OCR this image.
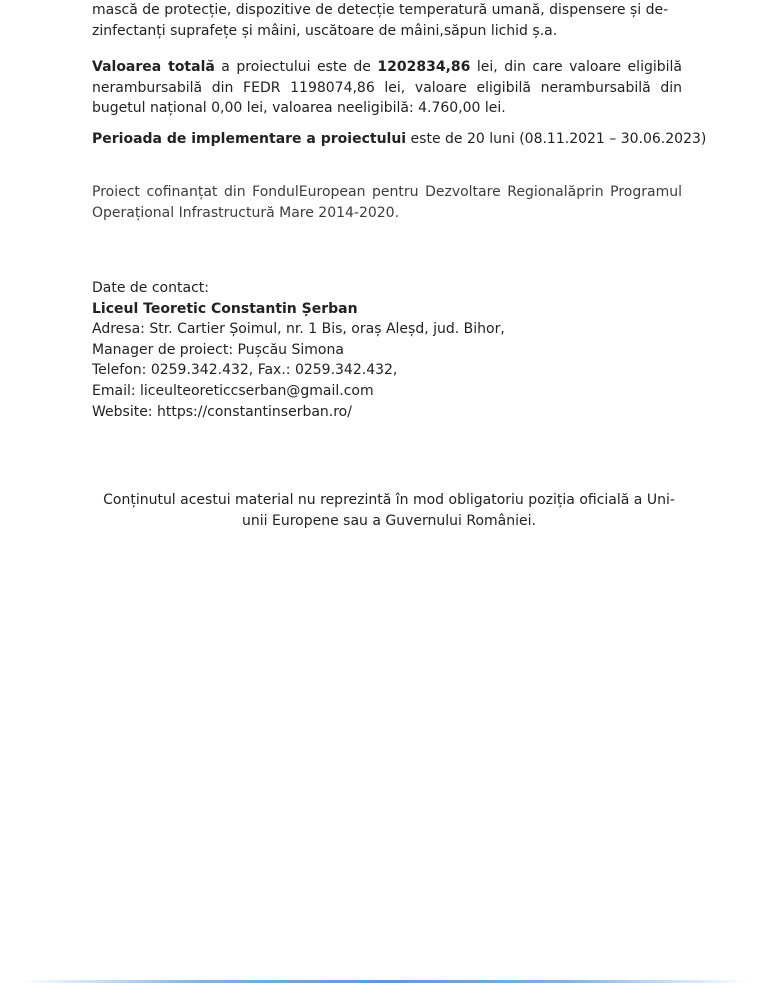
mască de protecție, dispozitive de detecție temperatură umană, dispensere și de-
zinfectanți suprafețe și mâini, uscătoare de mâini,săpun lichid ș.a.

Valoarea totală a proiectului este de 1202834,86 lei, din care valoare eligibilă nerambursabilă din FEDR 1198074,86 lei, valoare eligibilă nerambursabilă din bugetul național 0,00 lei, valoarea neeligibilă: 4.760,00 lei.

Perioada de implementare a proiectului este de 20 luni (08.11.2021 – 30.06.2023)

Proiect cofinanțat din FondulEuropean pentru Dezvoltare Regionalăprin Programul Operațional Infrastructură Mare 2014-2020.

Date de contact:
Liceul Teoretic Constantin Șerban
Adresa: Str. Cartier Șoimul, nr. 1 Bis, oraș Aleșd, jud. Bihor,
Manager de proiect: Pușcău Simona
Telefon: 0259.342.432, Fax.: 0259.342.432,
Email: liceulteoreticcserban@gmail.com
Website: https://constantinserban.ro/
Conținutul acestui material nu reprezintă în mod obligatoriu poziția oficială a Uni-
unii Europene sau a Guvernului României.
